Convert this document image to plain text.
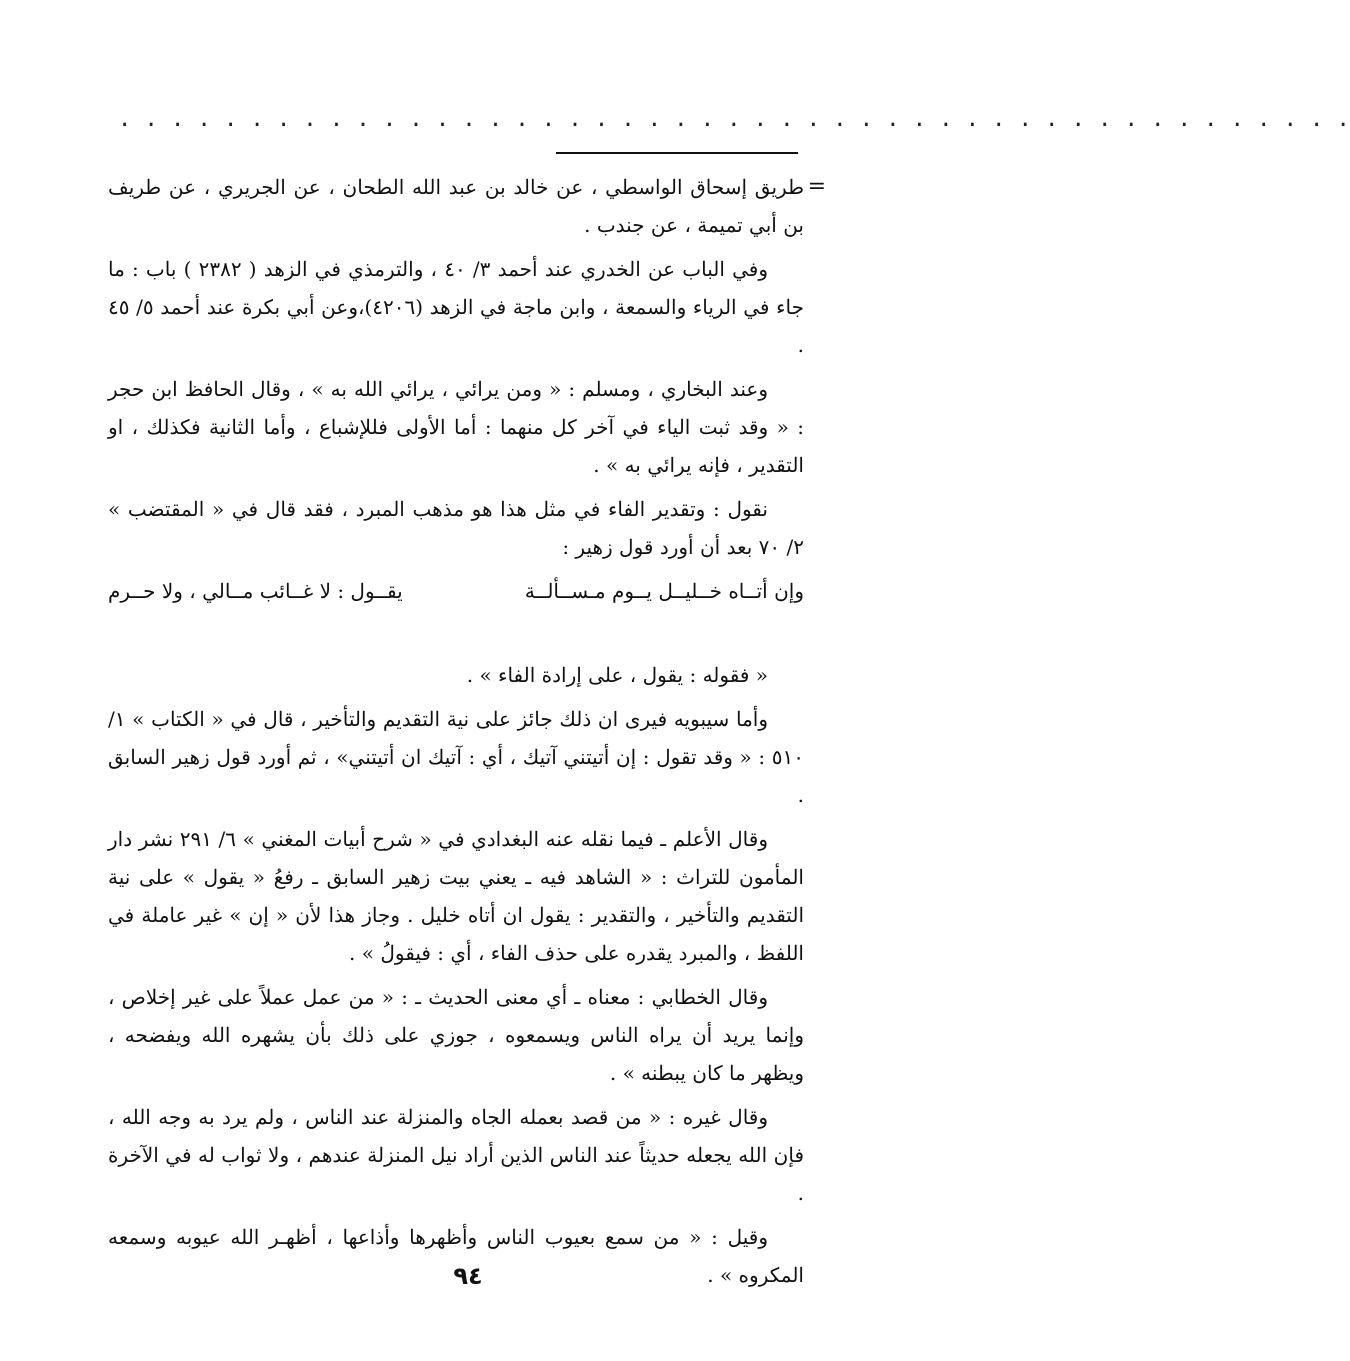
. . . . . . . . . . . . . . . . . . . . . . . . . . . . . . . . . . . . . . . . . . . . . . .

=
طريق إسحاق الواسطي ، عن خالد بن عبد الله الطحان ، عن الجريري ، عن طريف بن أبي تميمة ، عن جندب .

وفي الباب عن الخدري عند أحمد ٣/ ٤٠ ، والترمذي في الزهد ( ٢٣٨٢ ) باب : ما جاء في الرياء والسمعة ، وابن ماجة في الزهد (٤٢٠٦)،وعن أبي بكرة عند أحمد ٥/ ٤٥ .

وعند البخاري ، ومسلم : « ومن يرائي ، يرائي الله به » ، وقال الحافظ ابن حجر : « وقد ثبت الياء في آخر كل منهما : أما الأولى فللإشباع ، وأما الثانية فكذلك ، او التقدير ، فإنه يرائي به » .

نقول : وتقدير الفاء في مثل هذا هو مذهب المبرد ، فقد قال في « المقتضب » ٢/ ٧٠ بعد أن أورد قول زهير :

وإن أتــاه خــليــل يــوم مـســألــة
يقــول : لا غــائب مــالي ، ولا حــرم

« فقوله : يقول ، على إرادة الفاء » .

وأما سيبويه فيرى ان ذلك جائز على نية التقديم والتأخير ، قال في « الكتاب » ١/ ٥١٠ : « وقد تقول : إن أتيتني آتيك ، أي : آتيك ان أتيتني» ، ثم أورد قول زهير السابق .

وقال الأعلم ـ فيما نقله عنه البغدادي في « شرح أبيات المغني » ٦/ ٢٩١ نشر دار المأمون للتراث : « الشاهد فيه ـ يعني بيت زهير السابق ـ رفعُ « يقول » على نية التقديم والتأخير ، والتقدير : يقول ان أتاه خليل . وجاز هذا لأن « إن » غير عاملة في اللفظ ، والمبرد يقدره على حذف الفاء ، أي : فيقولُ » .

وقال الخطابي : معناه ـ أي معنى الحديث ـ : « من عمل عملاً على غير إخلاص ، وإنما يريد أن يراه الناس ويسمعوه ، جوزي على ذلك بأن يشهره الله ويفضحه ، ويظهر ما كان يبطنه » .

وقال غيره : « من قصد بعمله الجاه والمنزلة عند الناس ، ولم يرد به وجه الله ، فإن الله يجعله حديثاً عند الناس الذين أراد نيل المنزلة عندهم ، ولا ثواب له في الآخرة .

وقيل : « من سمع بعيوب الناس وأظهرها وأذاعها ، أظهـر الله عيوبه وسمعه المكروه » .

٩٤
